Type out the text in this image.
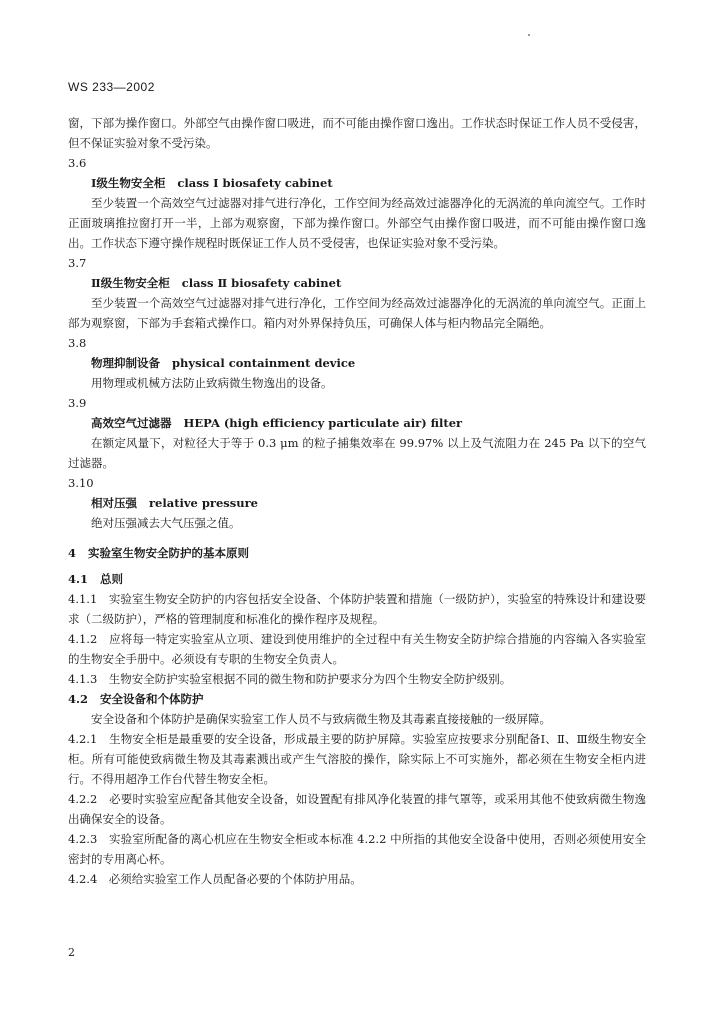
WS 233—2002

窗，下部为操作窗口。外部空气由操作窗口吸进，而不可能由操作窗口逸出。工作状态时保证工作人员不受侵害，但不保证实验对象不受污染。

3.6

Ⅰ级生物安全柜 class Ⅰ biosafety cabinet

至少装置一个高效空气过滤器对排气进行净化，工作空间为经高效过滤器净化的无涡流的单向流空气。工作时正面玻璃推拉窗打开一半，上部为观察窗，下部为操作窗口。外部空气由操作窗口吸进，而不可能由操作窗口逸出。工作状态下遵守操作规程时既保证工作人员不受侵害，也保证实验对象不受污染。

3.7

Ⅱ级生物安全柜 class Ⅱ biosafety cabinet

至少装置一个高效空气过滤器对排气进行净化，工作空间为经高效过滤器净化的无涡流的单向流空气。正面上部为观察窗，下部为手套箱式操作口。箱内对外界保持负压，可确保人体与柜内物品完全隔绝。

3.8

物理抑制设备 physical containment device

用物理或机械方法防止致病微生物逸出的设备。

3.9

高效空气过滤器 HEPA (high efficiency particulate air) filter

在额定风量下，对粒径大于等于 0.3 μm 的粒子捕集效率在 99.97% 以上及气流阻力在 245 Pa 以下的空气过滤器。

3.10

相对压强 relative pressure

绝对压强减去大气压强之值。

4 实验室生物安全防护的基本原则

4.1 总则

4.1.1　实验室生物安全防护的内容包括安全设备、个体防护装置和措施（一级防护），实验室的特殊设计和建设要求（二级防护），严格的管理制度和标准化的操作程序及规程。

4.1.2　应将每一特定实验室从立项、建设到使用维护的全过程中有关生物安全防护综合措施的内容编入各实验室的生物安全手册中。必须设有专职的生物安全负责人。

4.1.3　生物安全防护实验室根据不同的微生物和防护要求分为四个生物安全防护级别。

4.2 安全设备和个体防护

安全设备和个体防护是确保实验室工作人员不与致病微生物及其毒素直接接触的一级屏障。

4.2.1　生物安全柜是最重要的安全设备，形成最主要的防护屏障。实验室应按要求分别配备Ⅰ、Ⅱ、Ⅲ级生物安全柜。所有可能使致病微生物及其毒素溅出或产生气溶胶的操作，除实际上不可实施外，都必须在生物安全柜内进行。不得用超净工作台代替生物安全柜。

4.2.2　必要时实验室应配备其他安全设备，如设置配有排风净化装置的排气罩等，或采用其他不使致病微生物逸出确保安全的设备。

4.2.3　实验室所配备的离心机应在生物安全柜或本标准 4.2.2 中所指的其他安全设备中使用，否则必须使用安全密封的专用离心杯。

4.2.4　必须给实验室工作人员配备必要的个体防护用品。

2
